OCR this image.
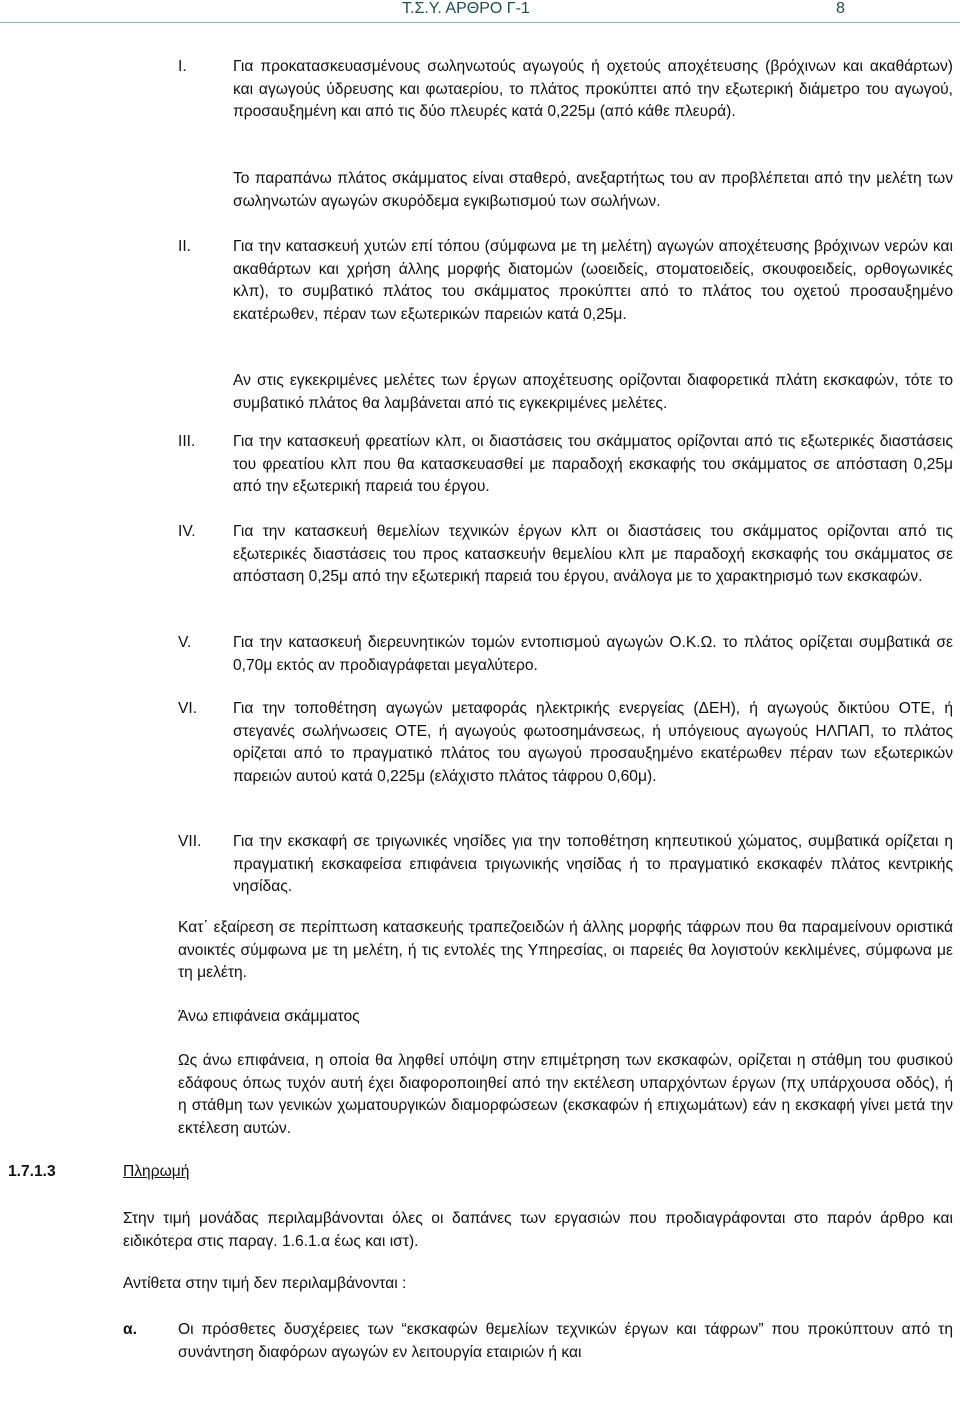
Τ.Σ.Υ. ΑΡΘΡΟ Γ-1	8
Ι.	Για προκατασκευασμένους σωληνωτούς αγωγούς ή οχετούς αποχέτευσης (βρόχινων και ακαθάρτων) και αγωγούς ύδρευσης και φωταερίου, το πλάτος προκύπτει από την εξωτερική διάμετρο του αγωγού, προσαυξημένη και από τις δύο πλευρές κατά 0,225μ (από κάθε πλευρά).

Το παραπάνω πλάτος σκάμματος είναι σταθερό, ανεξαρτήτως του αν προβλέπεται από την μελέτη των σωληνωτών αγωγών σκυρόδεμα εγκιβωτισμού των σωλήνων.

ΙΙ.	Για την κατασκευή χυτών επί τόπου (σύμφωνα με τη μελέτη) αγωγών αποχέτευσης βρόχινων νερών και ακαθάρτων και χρήση άλλης μορφής διατομών (ωοειδείς, στοματοειδείς, σκουφοειδείς, ορθογωνικές κλπ), το συμβατικό πλάτος του σκάμματος προκύπτει από το πλάτος του οχετού προσαυξημένο εκατέρωθεν, πέραν των εξωτερικών παρειών κατά 0,25μ.

Αν στις εγκεκριμένες μελέτες των έργων αποχέτευσης ορίζονται διαφορετικά πλάτη εκσκαφών, τότε το συμβατικό πλάτος θα λαμβάνεται από τις εγκεκριμένες μελέτες.

ΙΙΙ. Για την κατασκευή φρεατίων κλπ, οι διαστάσεις του σκάμματος ορίζονται από τις εξωτερικές διαστάσεις του φρεατίου κλπ που θα κατασκευασθεί με παραδοχή εκσκαφής του σκάμματος σε απόσταση 0,25μ από την εξωτερική παρειά του έργου.

ΙV. Για την κατασκευή θεμελίων τεχνικών έργων κλπ οι διαστάσεις του σκάμματος ορίζονται από τις εξωτερικές διαστάσεις του προς κατασκευήν θεμελίου κλπ με παραδοχή εκσκαφής του σκάμματος σε απόσταση 0,25μ από την εξωτερική παρειά του έργου, ανάλογα με το χαρακτηρισμό των εκσκαφών.

V.	Για την κατασκευή διερευνητικών τομών εντοπισμού αγωγών Ο.Κ.Ω. το πλάτος ορίζεται συμβατικά σε 0,70μ εκτός αν προδιαγράφεται μεγαλύτερο.

VI. Για την τοποθέτηση αγωγών μεταφοράς ηλεκτρικής ενεργείας (ΔΕΗ), ή αγωγούς δικτύου ΟΤΕ, ή στεγανές σωλήνωσεις ΟΤΕ, ή αγωγούς φωτοσημάνσεως, ή υπόγειους αγωγούς ΗΛΠΑΠ, το πλάτος ορίζεται από το πραγματικό πλάτος του αγωγού προσαυξημένο εκατέρωθεν πέραν των εξωτερικών παρειών αυτού κατά 0,225μ (ελάχιστο πλάτος τάφρου 0,60μ).

VII. Για την εκσκαφή σε τριγωνικές νησίδες για την τοποθέτηση κηπευτικού χώματος, συμβατικά ορίζεται η πραγματική εκσκαφείσα επιφάνεια τριγωνικής νησίδας ή το πραγματικό εκσκαφέν πλάτος κεντρικής νησίδας.

Κατ΄ εξαίρεση σε περίπτωση κατασκευής τραπεζοειδών ή άλλης μορφής τάφρων που θα παραμείνουν οριστικά ανοικτές σύμφωνα με τη μελέτη, ή τις εντολές της Υπηρεσίας, οι παρειές θα λογιστούν κεκλιμένες, σύμφωνα με τη μελέτη.

Άνω επιφάνεια σκάμματος

Ως άνω επιφάνεια, η οποία θα ληφθεί υπόψη στην επιμέτρηση των εκσκαφών, ορίζεται η στάθμη του φυσικού εδάφους όπως τυχόν αυτή έχει διαφοροποιηθεί από την εκτέλεση υπαρχόντων έργων (πχ υπάρχουσα οδός), ή η στάθμη των γενικών χωματουργικών διαμορφώσεων (εκσκαφών ή επιχωμάτων) εάν η εκσκαφή γίνει μετά την εκτέλεση αυτών.

1.7.1.3	Πληρωμή

Στην τιμή μονάδας περιλαμβάνονται όλες οι δαπάνες των εργασιών που προδιαγράφονται στο παρόν άρθρο και ειδικότερα στις παραγ. 1.6.1.α έως και ιστ).

Αντίθετα στην τιμή δεν περιλαμβάνονται :

α.	Οι πρόσθετες δυσχέρειες των “εκσκαφών θεμελίων τεχνικών έργων και τάφρων” που προκύπτουν από τη συνάντηση διαφόρων αγωγών εν λειτουργία εταιριών ή και
